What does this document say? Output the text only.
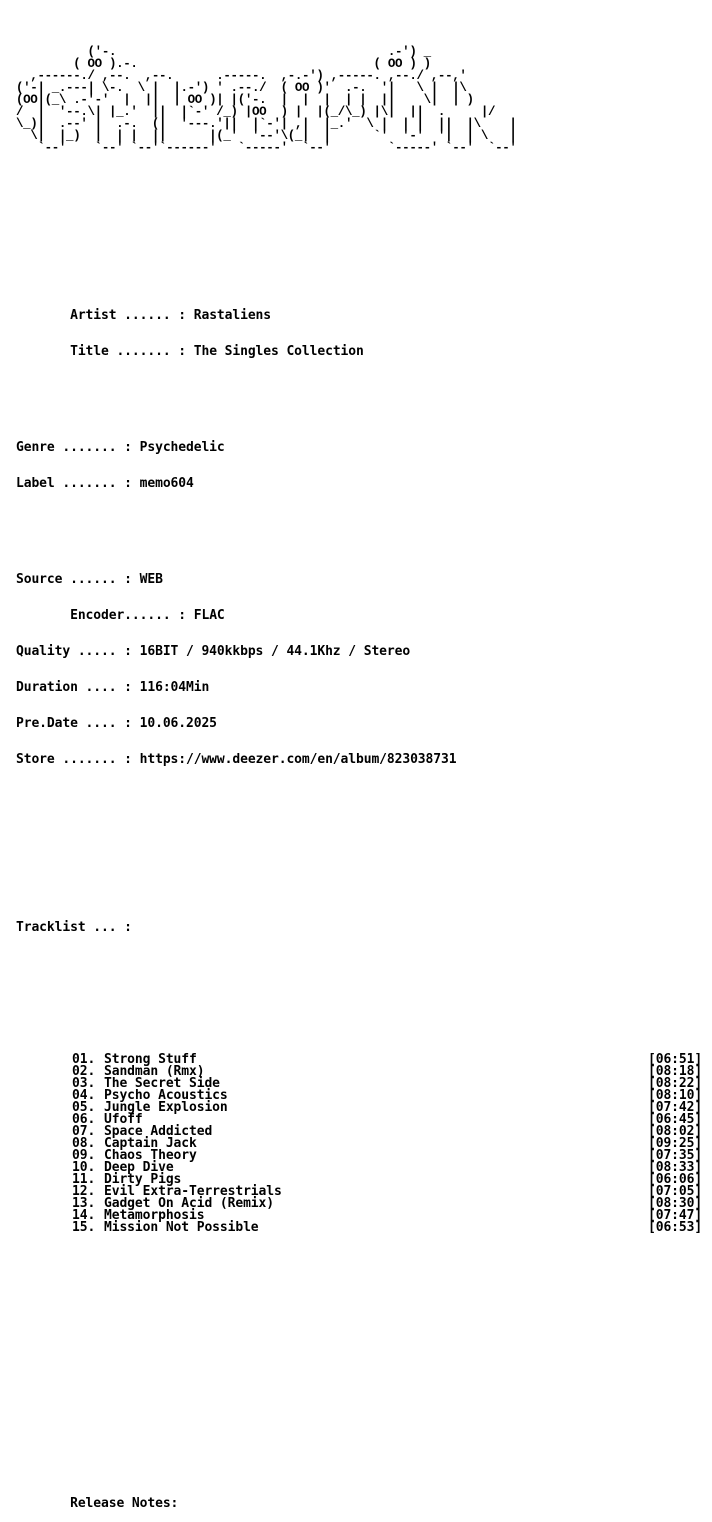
('-.                                      .-') _
( OO ).-.                                 ( OO ) )
,------./ ,--.  ,--.      .-----.  ,-.-') ,-----. ,--./ ,--,'
('-| _.---| \-.  \ |  |.-') ' .--./  ( OO )'  .-.  '|   \ |  |\
(OO|(_\ .-'-'  |  ||  | OO )| |('-.  |  |  |  | |  ||    \|  | )
/  |  '--.\| |_.'  ||  |`-' /_) |OO  ) |  |(_/\_) |\|  ||  .     |/
\_)|  .--' |  .-.  (|  '---.'||  |`-'| ,|  |_.'  \ |  | |  ||  |\    |
\|  |_)  |  | |  ||      |(_'  '--'\(_|  |      `'  '-'  '|  | \   |
`--'    `--' `--'`------'   `-----'  `--'        `-----' `--'  `--'

Artist ...... : Rastaliens

Title ....... : The Singles Collection

Genre ....... : Psychedelic

Label ....... : memo604

Source ...... : WEB

Encoder...... : FLAC

Quality ..... : 16BIT / 940kkbps / 44.1Khz / Stereo

Duration .... : 116:04Min

Pre.Date .... : 10.06.2025

Store ....... : https://www.deezer.com/en/album/823038731

Tracklist ... :

01. Strong Stuff	[06:51]
02. Sandman (Rmx)	[08:18]
03. The Secret Side	[08:22]
04. Psycho Acoustics	[08:10]
05. Jungle Explosion	[07:42]
06. Ufoff	[06:45]
07. Space Addicted	[08:02]
08. Captain Jack	[09:25]
09. Chaos Theory	[07:35]
10. Deep Dive	[08:33]
11. Dirty Pigs	[06:06]
12. Evil Extra-Terrestrials	[07:05]
13. Gadget On Acid (Remix)	[08:30]
14. Metamorphosis	[07:47]
15. Mission Not Possible	[06:53]

Release Notes:
